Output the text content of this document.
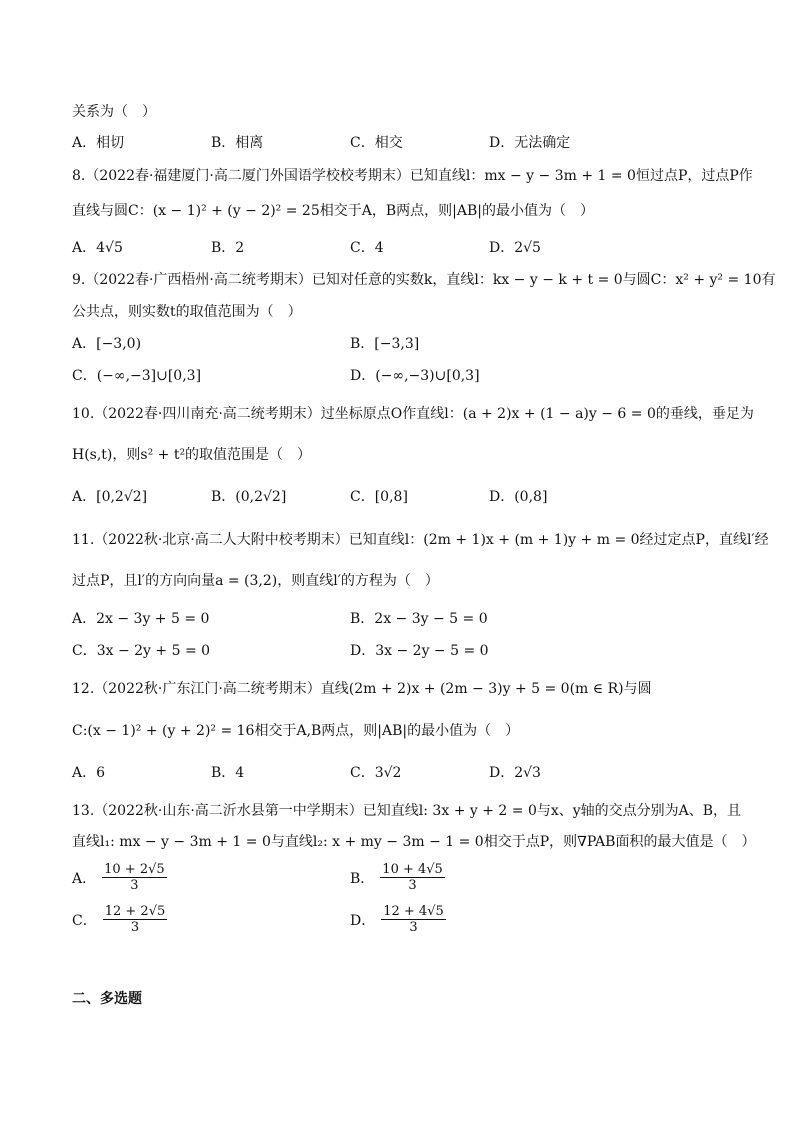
关系为（　）
A．相切	B．相离	C．相交	D．无法确定
8.（2022春·福建厦门·高二厦门外国语学校校考期末）已知直线l：mx − y − 3m + 1 = 0恒过点P，过点P作
直线与圆C：(x − 1)² + (y − 2)² = 25相交于A，B两点，则|AB|的最小值为（　）
A．4√5	B．2	C．4	D．2√5
9.（2022春·广西梧州·高二统考期末）已知对任意的实数k，直线l：kx − y − k + t = 0与圆C：x² + y² = 10有
公共点，则实数t的取值范围为（　）
A．[−3,0)	B．[−3,3]
C．(−∞,−3]∪[0,3]	D．(−∞,−3)∪[0,3]
10.（2022春·四川南充·高二统考期末）过坐标原点O作直线l：(a + 2)x + (1 − a)y − 6 = 0的垂线，垂足为
H(s,t)，则s² + t²的取值范围是（　）
A．[0,2√2]	B．(0,2√2]	C．[0,8]	D．(0,8]
11.（2022秋·北京·高二人大附中校考期末）已知直线l：(2m + 1)x + (m + 1)y + m = 0经过定点P，直线l′经
过点P，且l′的方向向量a = (3,2)，则直线l′的方程为（　）
A．2x − 3y + 5 = 0	B．2x − 3y − 5 = 0
C．3x − 2y + 5 = 0	D．3x − 2y − 5 = 0
12.（2022秋·广东江门·高二统考期末）直线(2m + 2)x + (2m − 3)y + 5 = 0(m ∈ R)与圆
C:(x − 1)² + (y + 2)² = 16相交于A,B两点，则|AB|的最小值为（　）
A．6	B．4	C．3√2	D．2√3
13.（2022秋·山东·高二沂水县第一中学期末）已知直线l: 3x + y + 2 = 0与x、y轴的交点分别为A、B，且
直线l₁: mx − y − 3m + 1 = 0与直线l₂: x + my − 3m − 1 = 0相交于点P，则∇PAB面积的最大值是（　）
A． $\frac{10 + 2√5}{3}$	B． $\frac{10 + 4√5}{3}$
C． $\frac{12 + 2√5}{3}$	D． $\frac{12 + 4√5}{3}$
二、多选题
